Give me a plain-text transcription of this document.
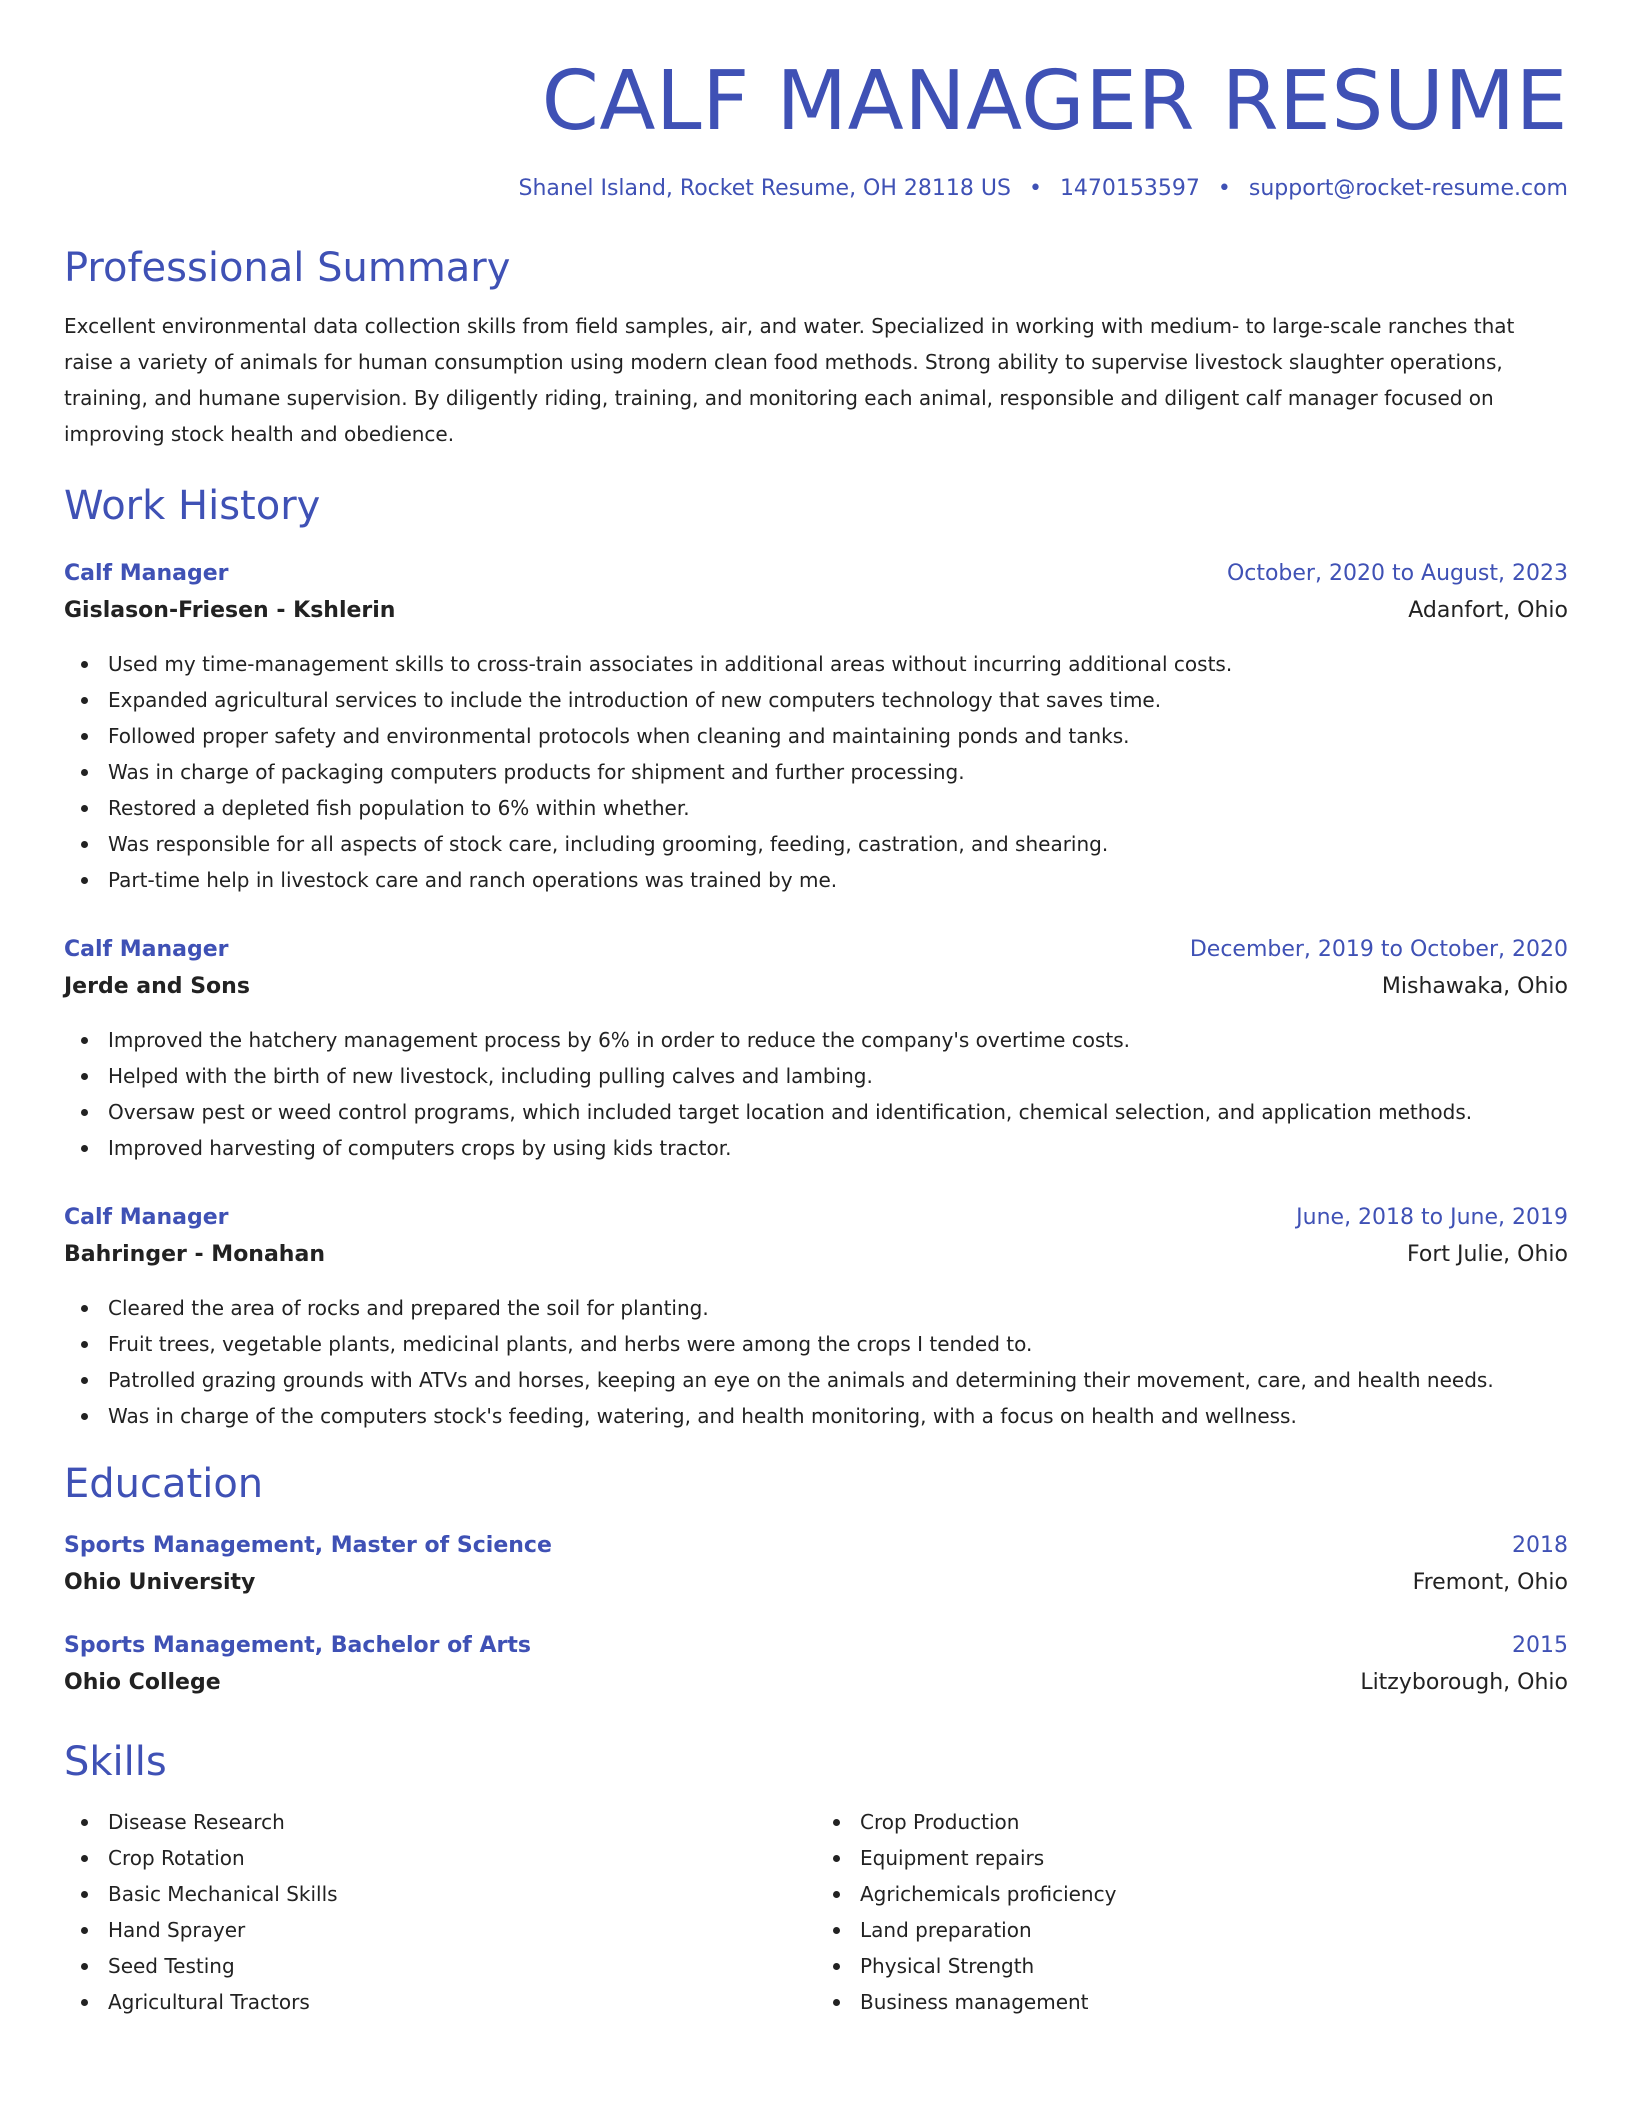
CALF MANAGER RESUME
Shanel Island, Rocket Resume, OH 28118 US • 1470153597 • support@rocket-resume.com
Professional Summary

Excellent environmental data collection skills from field samples, air, and water. Specialized in working with medium- to large-scale ranches that raise a variety of animals for human consumption using modern clean food methods. Strong ability to supervise livestock slaughter operations, training, and humane supervision. By diligently riding, training, and monitoring each animal, responsible and diligent calf manager focused on improving stock health and obedience.

Work History
Calf Manager	October, 2020 to August, 2023
Gislason-Friesen - Kshlerin	Adanfort, Ohio
Used my time-management skills to cross-train associates in additional areas without incurring additional costs.
Expanded agricultural services to include the introduction of new computers technology that saves time.
Followed proper safety and environmental protocols when cleaning and maintaining ponds and tanks.
Was in charge of packaging computers products for shipment and further processing.
Restored a depleted fish population to 6% within whether.
Was responsible for all aspects of stock care, including grooming, feeding, castration, and shearing.
Part-time help in livestock care and ranch operations was trained by me.
Calf Manager	December, 2019 to October, 2020
Jerde and Sons	Mishawaka, Ohio
Improved the hatchery management process by 6% in order to reduce the company's overtime costs.
Helped with the birth of new livestock, including pulling calves and lambing.
Oversaw pest or weed control programs, which included target location and identification, chemical selection, and application methods.
Improved harvesting of computers crops by using kids tractor.
Calf Manager	June, 2018 to June, 2019
Bahringer - Monahan	Fort Julie, Ohio
Cleared the area of rocks and prepared the soil for planting.
Fruit trees, vegetable plants, medicinal plants, and herbs were among the crops I tended to.
Patrolled grazing grounds with ATVs and horses, keeping an eye on the animals and determining their movement, care, and health needs.
Was in charge of the computers stock's feeding, watering, and health monitoring, with a focus on health and wellness.
Education
Sports Management, Master of Science	2018
Ohio University	Fremont, Ohio
Sports Management, Bachelor of Arts	2015
Ohio College	Litzyborough, Ohio
Skills
Disease Research
Crop Rotation
Basic Mechanical Skills
Hand Sprayer
Seed Testing
Agricultural Tractors
Crop Production
Equipment repairs
Agrichemicals proficiency
Land preparation
Physical Strength
Business management
